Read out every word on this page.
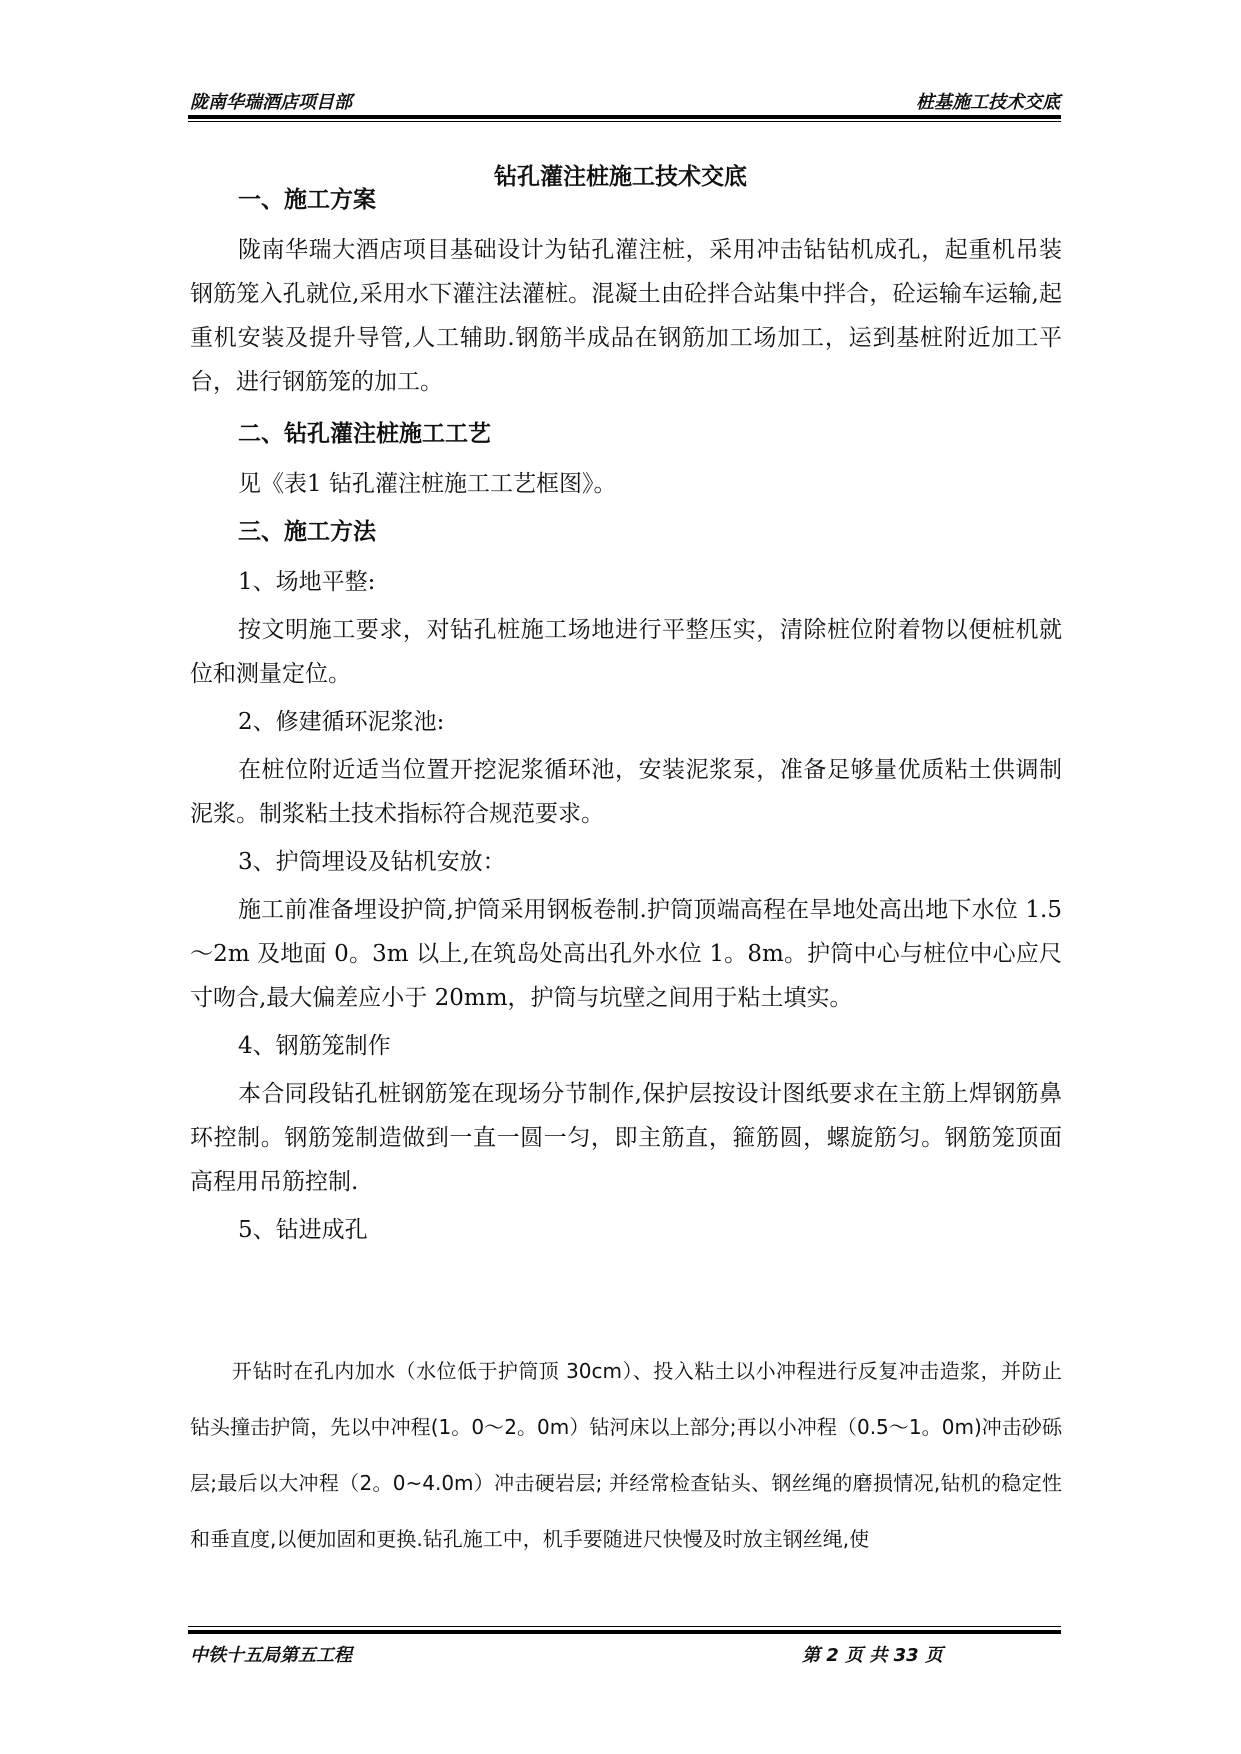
陇南华瑞酒店项目部	桩基施工技术交底
钻孔灌注桩施工技术交底
一、施工方案

陇南华瑞大酒店项目基础设计为钻孔灌注桩，采用冲击钻钻机成孔，起重机吊装钢筋笼入孔就位,采用水下灌注法灌桩。混凝土由砼拌合站集中拌合，砼运输车运输,起重机安装及提升导管,人工辅助.钢筋半成品在钢筋加工场加工，运到基桩附近加工平台，进行钢筋笼的加工。

二、钻孔灌注桩施工工艺

见《表1 钻孔灌注桩施工工艺框图》。

三、施工方法

1、场地平整:

按文明施工要求，对钻孔桩施工场地进行平整压实，清除桩位附着物以便桩机就位和测量定位。

2、修建循环泥浆池:

在桩位附近适当位置开挖泥浆循环池，安装泥浆泵，准备足够量优质粘土供调制泥浆。制浆粘土技术指标符合规范要求。

3、护筒埋设及钻机安放：

施工前准备埋设护筒,护筒采用钢板卷制.护筒顶端高程在旱地处高出地下水位 1.5～2m 及地面 0。3m 以上,在筑岛处高出孔外水位 1。8m。护筒中心与桩位中心应尺寸吻合,最大偏差应小于 20mm，护筒与坑壁之间用于粘土填实。

4、钢筋笼制作

本合同段钻孔桩钢筋笼在现场分节制作,保护层按设计图纸要求在主筋上焊钢筋鼻环控制。钢筋笼制造做到一直一圆一匀，即主筋直，箍筋圆，螺旋筋匀。钢筋笼顶面高程用吊筋控制.

5、钻进成孔

开钻时在孔内加水（水位低于护筒顶 30cm）、投入粘土以小冲程进行反复冲击造浆，并防止钻头撞击护筒，先以中冲程(1。0～2。0m）钻河床以上部分;再以小冲程（0.5～1。0m)冲击砂砾层;最后以大冲程（2。0~4.0m）冲击硬岩层; 并经常检查钻头、钢丝绳的磨损情况,钻机的稳定性和垂直度,以便加固和更换.钻孔施工中，机手要随进尺快慢及时放主钢丝绳,使

中铁十五局第五工程	第 2 页 共 33 页
